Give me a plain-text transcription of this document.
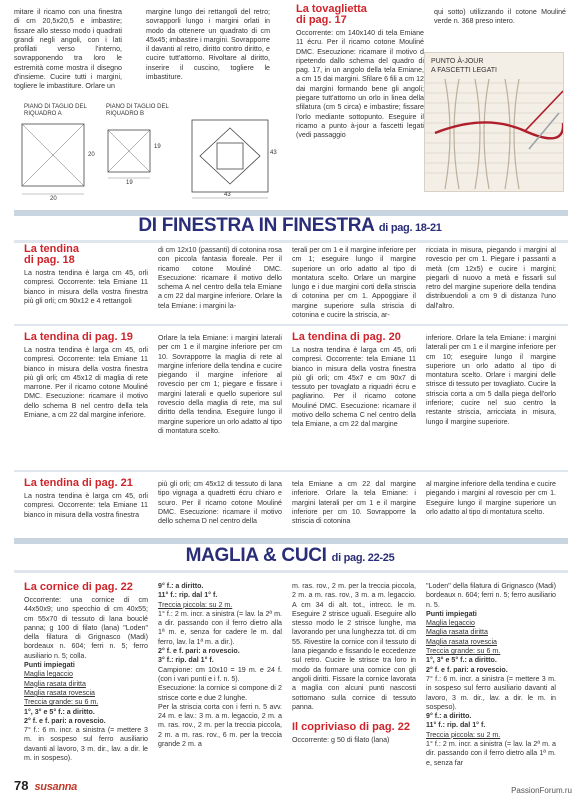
mitare il ricamo con una finestra di cm 20,5x20,5 e imbastire; fissare allo stesso modo i quadrati grandi negli angoli, con i lati profilati verso l'interno, sovrapponendo tra loro le estremità come mostra il disegno d'insieme. Cucire tutti i margini, togliere le imbastiture. Orlare un

margine lungo dei rettangoli del retro; sovrapporli lungo i margini orlati in modo da ottenere un quadrato di cm 45x45; imbastire i margini. Sovrapporre il davanti al retro, diritto contro diritto, e cucire tutt'attorno. Rivoltare al diritto, inserire il cuscino, togliere le imbastiture.

PIANO DI TAGLIO DEL RIQUADRO A
PIANO DI TAGLIO DEL RIQUADRO B
20
20
19
19
43
43
La tovaglietta
di pag. 17

Occorrente: cm 140x140 di tela Emiane 11 écru. Per il ricamo cotone Mouliné DMC. Esecuzione: ricamare il motivo d ripetendo dallo schema del quadro di pag. 17, in un angolo della tela Emiane, a cm 15 dai margini. Sfilare 6 fili a cm 12 dai margini formando bene gli angoli; piegare tutt'attorno un orlo in linea della sfilatura (cm 5 circa) e imbastire; fissare l'orlo mediante sottopunto. Eseguire il ricamo a punto à-jour a fascetti legati (vedi passaggio

qui sotto) utilizzando il cotone Mouliné verde n. 368 preso intero.

PUNTO À-JOUR
A FASCETTI LEGATI
DI FINESTRA IN FINESTRA di pag. 18-21
La tendina
di pag. 18

La nostra tendina è larga cm 45, orli compresi. Occorrente: tela Emiane 11 bianco in misura della vostra finestra più gli orli; cm 90x12 e 4 rettangoli

di cm 12x10 (passanti) di cotonina rosa con piccola fantasia floreale. Per il ricamo cotone Mouliné DMC. Esecuzione: ricamare il motivo dello schema A nel centro della tela Emiane a cm 22 dal margine inferiore. Orlare la tela Emiane: i margini la-

terali per cm 1 e il margine inferiore per cm 1; eseguire lungo il margine superiore un orlo adatto al tipo di montatura scelto. Orlare un margine lungo e i due margini corti della striscia di cotonina per cm 1. Appoggiare il margine superiore sulla striscia di cotonina e cucire la striscia, ar-

ricciata in misura, piegando i margini al rovescio per cm 1. Piegare i passanti a metà (cm 12x5) e cucire i margini; piegarli di nuovo a metà e fissarli sul retro del margine superiore della tendina distribuendoli a cm 9 di distanza l'uno dall'altro.

La tendina di pag. 19

La nostra tendina è larga cm 45, orli compresi. Occorrente: tela Emiane 11 bianco in misura della vostra finestra più gli orli; cm 45x12 di maglia di rete marrone. Per il ricamo cotone Mouliné DMC. Esecuzione: ricamare il motivo dello schema B nel centro della tela Emiane, a cm 22 dal margine inferiore.

Orlare la tela Emiane: i margini laterali per cm 1 e il margine inferiore per cm 10. Sovrapporre la maglia di rete al margine inferiore della tendina e cucire piegando il margine inferiore al rovescio per cm 1; piegare e fissare i margini laterali e quello superiore sul rovescio della maglia di rete, ma sul diritto della tendina. Eseguire lungo il margine superiore un orlo adatto al tipo di montatura scelto.

La tendina di pag. 20

La nostra tendina è larga cm 45, orli compresi. Occorrente: tela Emiane 11 bianco in misura della vostra finestra più gli orli; cm 45x7 e cm 90x7 di tessuto per tovaglato a riquadri écru e pagliarino. Per il ricamo cotone Mouliné DMC. Esecuzione: ricamare il motivo dello schema C nel centro della tela Emiane, a cm 22 dal margine

inferiore. Orlare la tela Emiane: i margini laterali per cm 1 e il margine inferiore per cm 10; eseguire lungo il margine superiore un orlo adatto al tipo di montatura scelto. Orlare i margini delle strisce di tessuto per tovagliato. Cucire la striscia corta a cm 5 dalla piega dell'orlo inferiore; cucire nel suo centro la restante striscia, arricciata in misura, lungo il margine superiore.

La tendina di pag. 21

La nostra tendina è larga cm 45, orli compresi. Occorrente: tela Emiane 11 bianco in misura della vostra finestra

più gli orli; cm 45x12 di tessuto di lana tipo vignaga a quadretti écru chiaro e scuro. Per il ricamo cotone Mouliné DMC. Esecuzione: ricamare il motivo dello schema D nel centro della

tela Emiane a cm 22 dal margine inferiore. Orlare la tela Emiane: i margini laterali per cm 1 e il margine inferiore per cm 10. Sovrapporre la striscia di cotonina

al margine inferiore della tendina e cucire piegando i margini al rovescio per cm 1. Eseguire lungo il margine superiore un orlo adatto al tipo di montatura scelto.

MAGLIA & CUCI di pag. 22-25
La cornice di pag. 22

Occorrente: una cornice di cm 44x50x9; uno specchio di cm 40x55; cm 55x70 di tessuto di lana bouclé panna; g 100 di filato (lana) "Loden" della filatura di Grignasco (Madi) bordeaux n. 604; ferri n. 5; ferro ausiliario n. 5; colla.

Punti impiegati

Maglia legaccio

Maglia rasata diritta

Maglia rasata rovescia

Treccia grande: su 6 m.

1°, 3° e 5° f.: a diritto.

2° f. e f. pari: a rovescio.

7° f.: 6 m. incr. a sinistra (= mettere 3 m. in sospeso sul ferro ausiliario davanti al lavoro, 3 m. dir., lav. a dir. le m. in sospeso).

9° f.: a diritto.

11° f.: rip. dal 1° f.

Treccia piccola: su 2 m.

1° f.: 2 m. incr. a sinistra (= lav. la 2ª m. a dir. passando con il ferro dietro alla 1ª m. e, senza for cadere le m. dal ferro, lav. la 1ª m. a dir.).

2° f. e f. pari: a rovescio.

3° f.: rip. dal 1° f.

Campione: cm 10x10 = 19 m. e 24 f. (con i vari punti e i f. n. 5).

Esecuzione: la cornice si compone di 2 strisce corte e due 2 lunghe.

Per la striscia corta con i ferri n. 5 avv. 24 m. e lav.: 3 m. a m. legaccio, 2 m. a m. ras. rov., 2 m. per la treccia piccola, 2 m. a m. ras. rov., 6 m. per la treccia grande 2 m. a

m. ras. rov., 2 m. per la treccia piccola, 2 m. a m. ras. rov., 3 m. a m. legaccio. A cm 34 di alt. tot., intrecc. le m. Eseguire 2 strisce uguali. Eseguire allo stesso modo le 2 strisce lunghe, ma lavorando per una lunghezza tot. di cm 55. Rivestire la cornice con il tessuto di lana piegando e fissando le eccedenze sul retro. Cucire le strisce tra loro in modo da formare una cornice con gli angoli diritti. Fissare la cornice lavorata a maglia con alcuni punti nascosti sottomano sulla cornice di tessuto panna.

Il copriviaso di pag. 22

Occorrente: g 50 di filato (lana)

"Loden" della filatura di Grignasco (Madi) bordeaux n. 604; ferri n. 5; ferro ausiliario n. 5.

Punti impiegati

Maglia legaccio

Maglia rasata diritta

Maglia rasata rovescia

Treccia grande: su 6 m.

1°, 3° e 5° f.: a diritto.

2° f. e f. pari: a rovescio.

7° f.: 6 m. incr. a sinistra (= mettere 3 m. in sospeso sul ferro ausiliario davanti al lavoro, 3 m. dir., lav. a dir. le m. in sospeso).

9° f.: a diritto.

11° f.: rip. dal 1° f.

Treccia piccola: su 2 m.

1° f.: 2 m. incr. a sinistra (= lav. la 2ª m. a dir. passando con il ferro dietro alla 1ª m. e, senza far

78 susanna	PassionForum.ru
